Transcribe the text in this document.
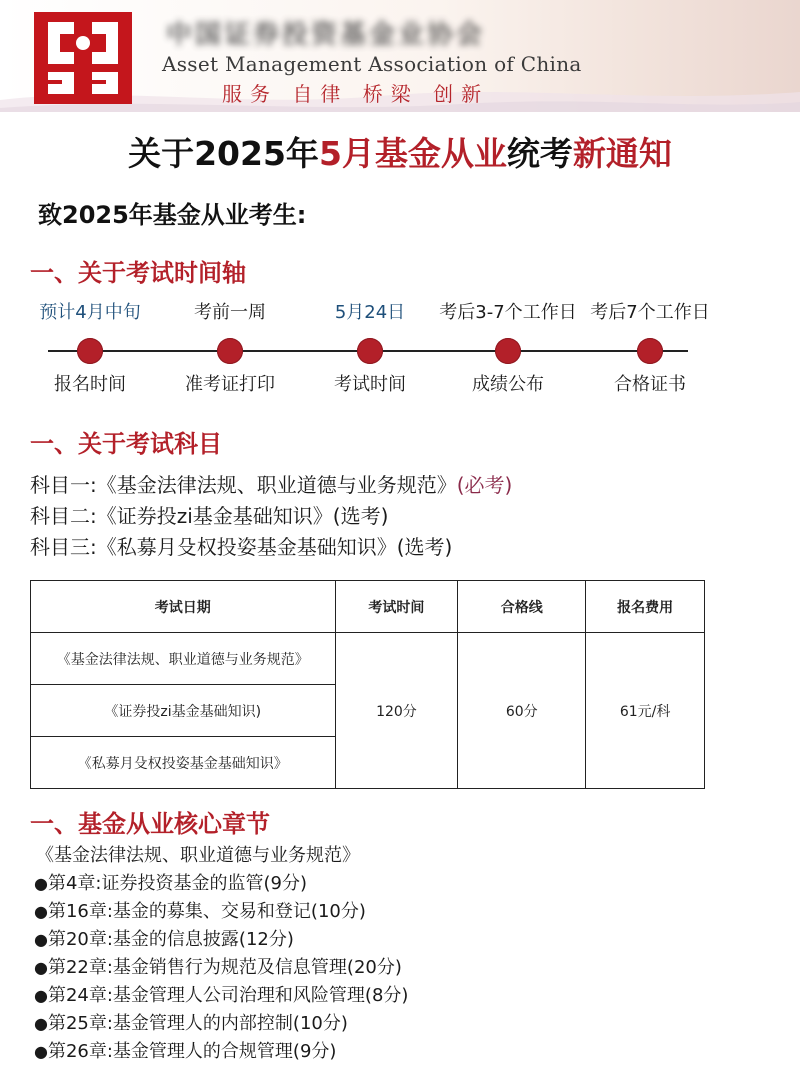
中国证券投资基金业协会
Asset Management Association of China
服务 自律 桥梁 创新
关于2025年5月基金从业统考新通知
致2025年基金从业考生:
一、关于考试时间轴
预计4月中旬
报名时间
考前一周
准考证打印
5月24日
考试时间
考后3-7个工作日
成绩公布
考后7个工作日
合格证书
一、关于考试科目
科目一:《基金法律法规、职业道德与业务规范》(必考)
科目二:《证券投zi基金基础知识》(选考)
科目三:《私募月殳权投姿基金基础知识》(选考)
考试日期	考试时间	合格线	报名费用
《基金法律法规、职业道德与业务规范》	120分	60分	61元/科
《证券投zi基金基础知识)			
《私募月殳权投姿基金基础知识》			
一、基金从业核心章节
《基金法律法规、职业道德与业务规范》
●第4章:证券投资基金的监管(9分)
●第16章:基金的募集、交易和登记(10分)
●第20章:基金的信息披露(12分)
●第22章:基金销售行为规范及信息管理(20分)
●第24章:基金管理人公司治理和风险管理(8分)
●第25章:基金管理人的内部控制(10分)
●第26章:基金管理人的合规管理(9分)
